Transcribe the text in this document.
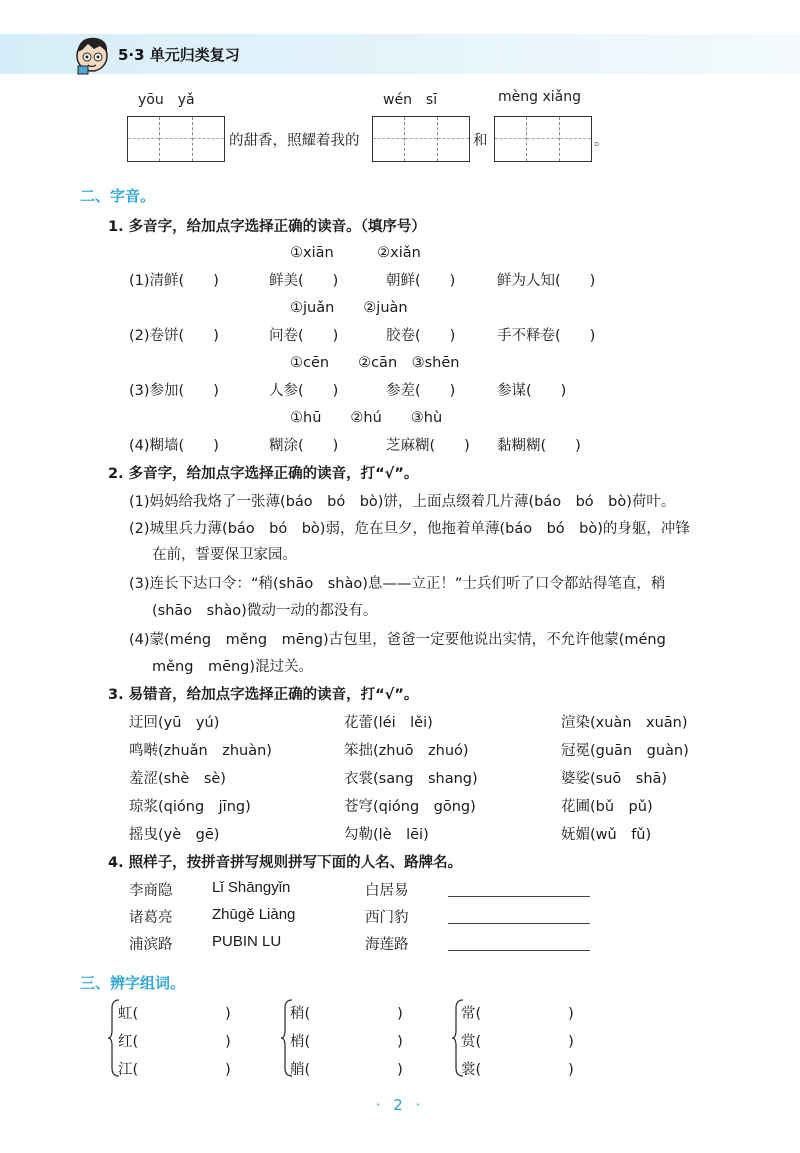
5·3 单元归类复习
yōu　yǎ	wén　sī	mèng xiǎng
的甜香，照耀着我的	和	。
二、字音。
1. 多音字，给加点字选择正确的读音。（填序号）
①xiān　　　②xiǎn
(1)清鲜(　　)	鲜美(　　)	朝鲜(　　)	鲜为人知(　　)
①juǎn　　②juàn
(2)卷饼(　　)	问卷(　　)	胶卷(　　)	手不释卷(　　)
①cēn　　②cān　③shēn
(3)参加(　　)	人参(　　)	参差(　　)	参谋(　　)
①hū　　②hú　　③hù
(4)糊墙(　　)	糊涂(　　)	芝麻糊(　　) 黏糊糊(　　)
2. 多音字，给加点字选择正确的读音，打“√”。
(1)妈妈给我烙了一张薄(báo　bó　bò)饼，上面点缀着几片薄(báo　bó　bò)荷叶。
(2)城里兵力薄(báo　bó　bò)弱，危在旦夕，他拖着单薄(báo　bó　bò)的身躯，冲锋
在前，誓要保卫家园。
(3)连长下达口令：“稍(shāo　shào)息——立正！”士兵们听了口令都站得笔直，稍
(shāo　shào)微动一动的都没有。
(4)蒙(méng　měng　mēng)古包里，爸爸一定要他说出实情，不允许他蒙(méng
měng　mēng)混过关。
3. 易错音，给加点字选择正确的读音，打“√”。
迂回(yū　yú)	花蕾(léi　lěi)	渲染(xuàn　xuān)
鸣啭(zhuǎn　zhuàn)	笨拙(zhuō　zhuó)	冠冕(guān　guàn)
羞涩(shè　sè)	衣裳(sang　shang)	婆娑(suō　shā)
琼浆(qióng　jīng)	苍穹(qióng　gōng)	花圃(bǔ　pǔ)
摇曳(yè　gē)	勾勒(lè　lēi)	妩媚(wǔ　fǔ)
4. 照样子，按拼音拼写规则拼写下面的人名、路牌名。
李商隐	Lǐ Shāngyǐn	白居易
诸葛亮	Zhūgě Liàng	西门豹
浦滨路	PUBIN LU	海莲路
三、辨字组词。
虹(　　　　　　)
红(　　　　　　)
江(　　　　　　)
稍(　　　　　　)
梢(　　　　　　)
艄(　　　　　　)
常(　　　　　　)
赏(　　　　　　)
裳(　　　　　　)
· 2 ·
